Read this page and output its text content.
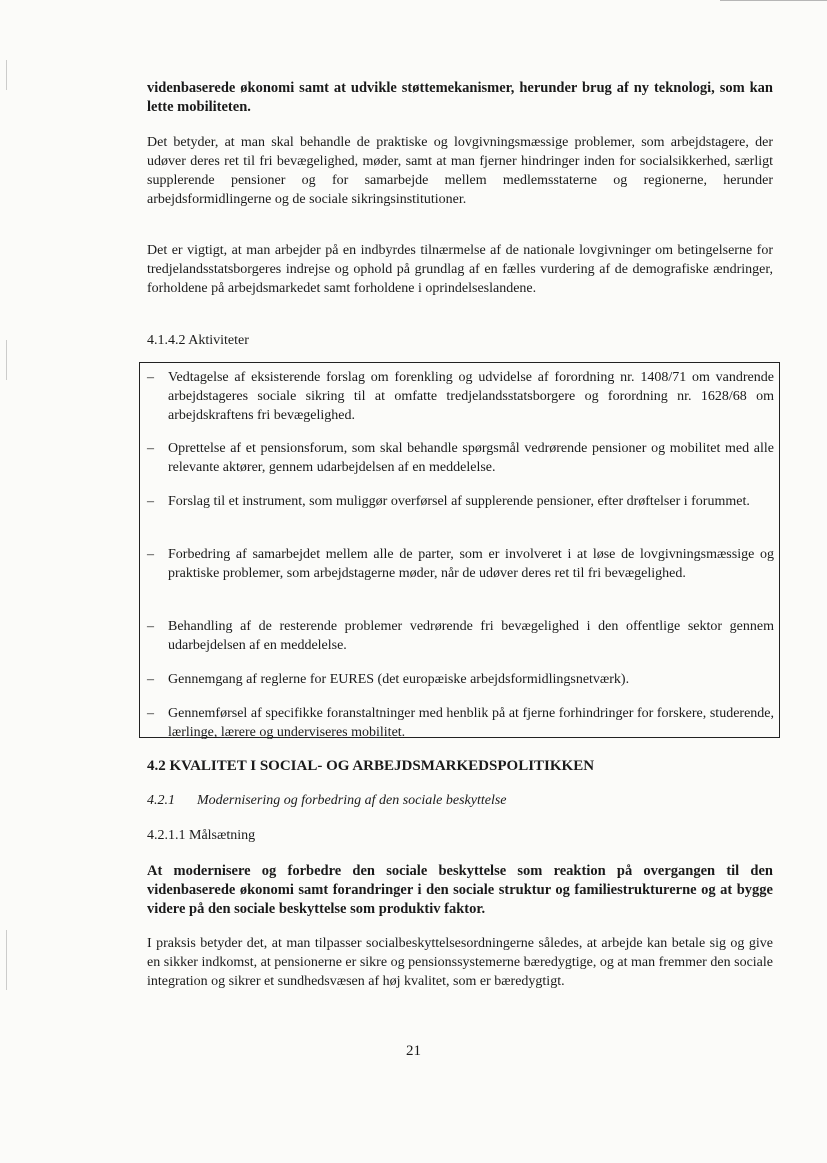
videnbaserede økonomi samt at udvikle støttemekanismer, herunder brug af ny teknologi, som kan lette mobiliteten.

Det betyder, at man skal behandle de praktiske og lovgivningsmæssige problemer, som arbejdstagere, der udøver deres ret til fri bevægelighed, møder, samt at man fjerner hindringer inden for socialsikkerhed, særligt supplerende pensioner og for samarbejde mellem medlemsstaterne og regionerne, herunder arbejdsformidlingerne og de sociale sikringsinstitutioner.

Det er vigtigt, at man arbejder på en indbyrdes tilnærmelse af de nationale lovgivninger om betingelserne for tredjelandsstatsborgeres indrejse og ophold på grundlag af en fælles vurdering af de demografiske ændringer, forholdene på arbejdsmarkedet samt forholdene i oprindelseslandene.

4.1.4.2 Aktiviteter

– Vedtagelse af eksisterende forslag om forenkling og udvidelse af forordning nr. 1408/71 om vandrende arbejdstageres sociale sikring til at omfatte tredjelandsstatsborgere og forordning nr. 1628/68 om arbejdskraftens fri bevægelighed.
– Oprettelse af et pensionsforum, som skal behandle spørgsmål vedrørende pensioner og mobilitet med alle relevante aktører, gennem udarbejdelsen af en meddelelse.
– Forslag til et instrument, som muliggør overførsel af supplerende pensioner, efter drøftelser i forummet.
– Forbedring af samarbejdet mellem alle de parter, som er involveret i at løse de lovgivningsmæssige og praktiske problemer, som arbejdstagerne møder, når de udøver deres ret til fri bevægelighed.
– Behandling af de resterende problemer vedrørende fri bevægelighed i den offentlige sektor gennem udarbejdelsen af en meddelelse.
– Gennemgang af reglerne for EURES (det europæiske arbejdsformidlingsnetværk).
– Gennemførsel af specifikke foranstaltninger med henblik på at fjerne forhindringer for forskere, studerende, lærlinge, lærere og underviseres mobilitet.

4.2 KVALITET I SOCIAL- OG ARBEJDSMARKEDSPOLITIKKEN

4.2.1 Modernisering og forbedring af den sociale beskyttelse

4.2.1.1 Målsætning

At modernisere og forbedre den sociale beskyttelse som reaktion på overgangen til den videnbaserede økonomi samt forandringer i den sociale struktur og familiestrukturerne og at bygge videre på den sociale beskyttelse som produktiv faktor.

I praksis betyder det, at man tilpasser socialbeskyttelsesordningerne således, at arbejde kan betale sig og give en sikker indkomst, at pensionerne er sikre og pensionssystemerne bæredygtige, og at man fremmer den sociale integration og sikrer et sundhedsvæsen af høj kvalitet, som er bæredygtigt.

21
